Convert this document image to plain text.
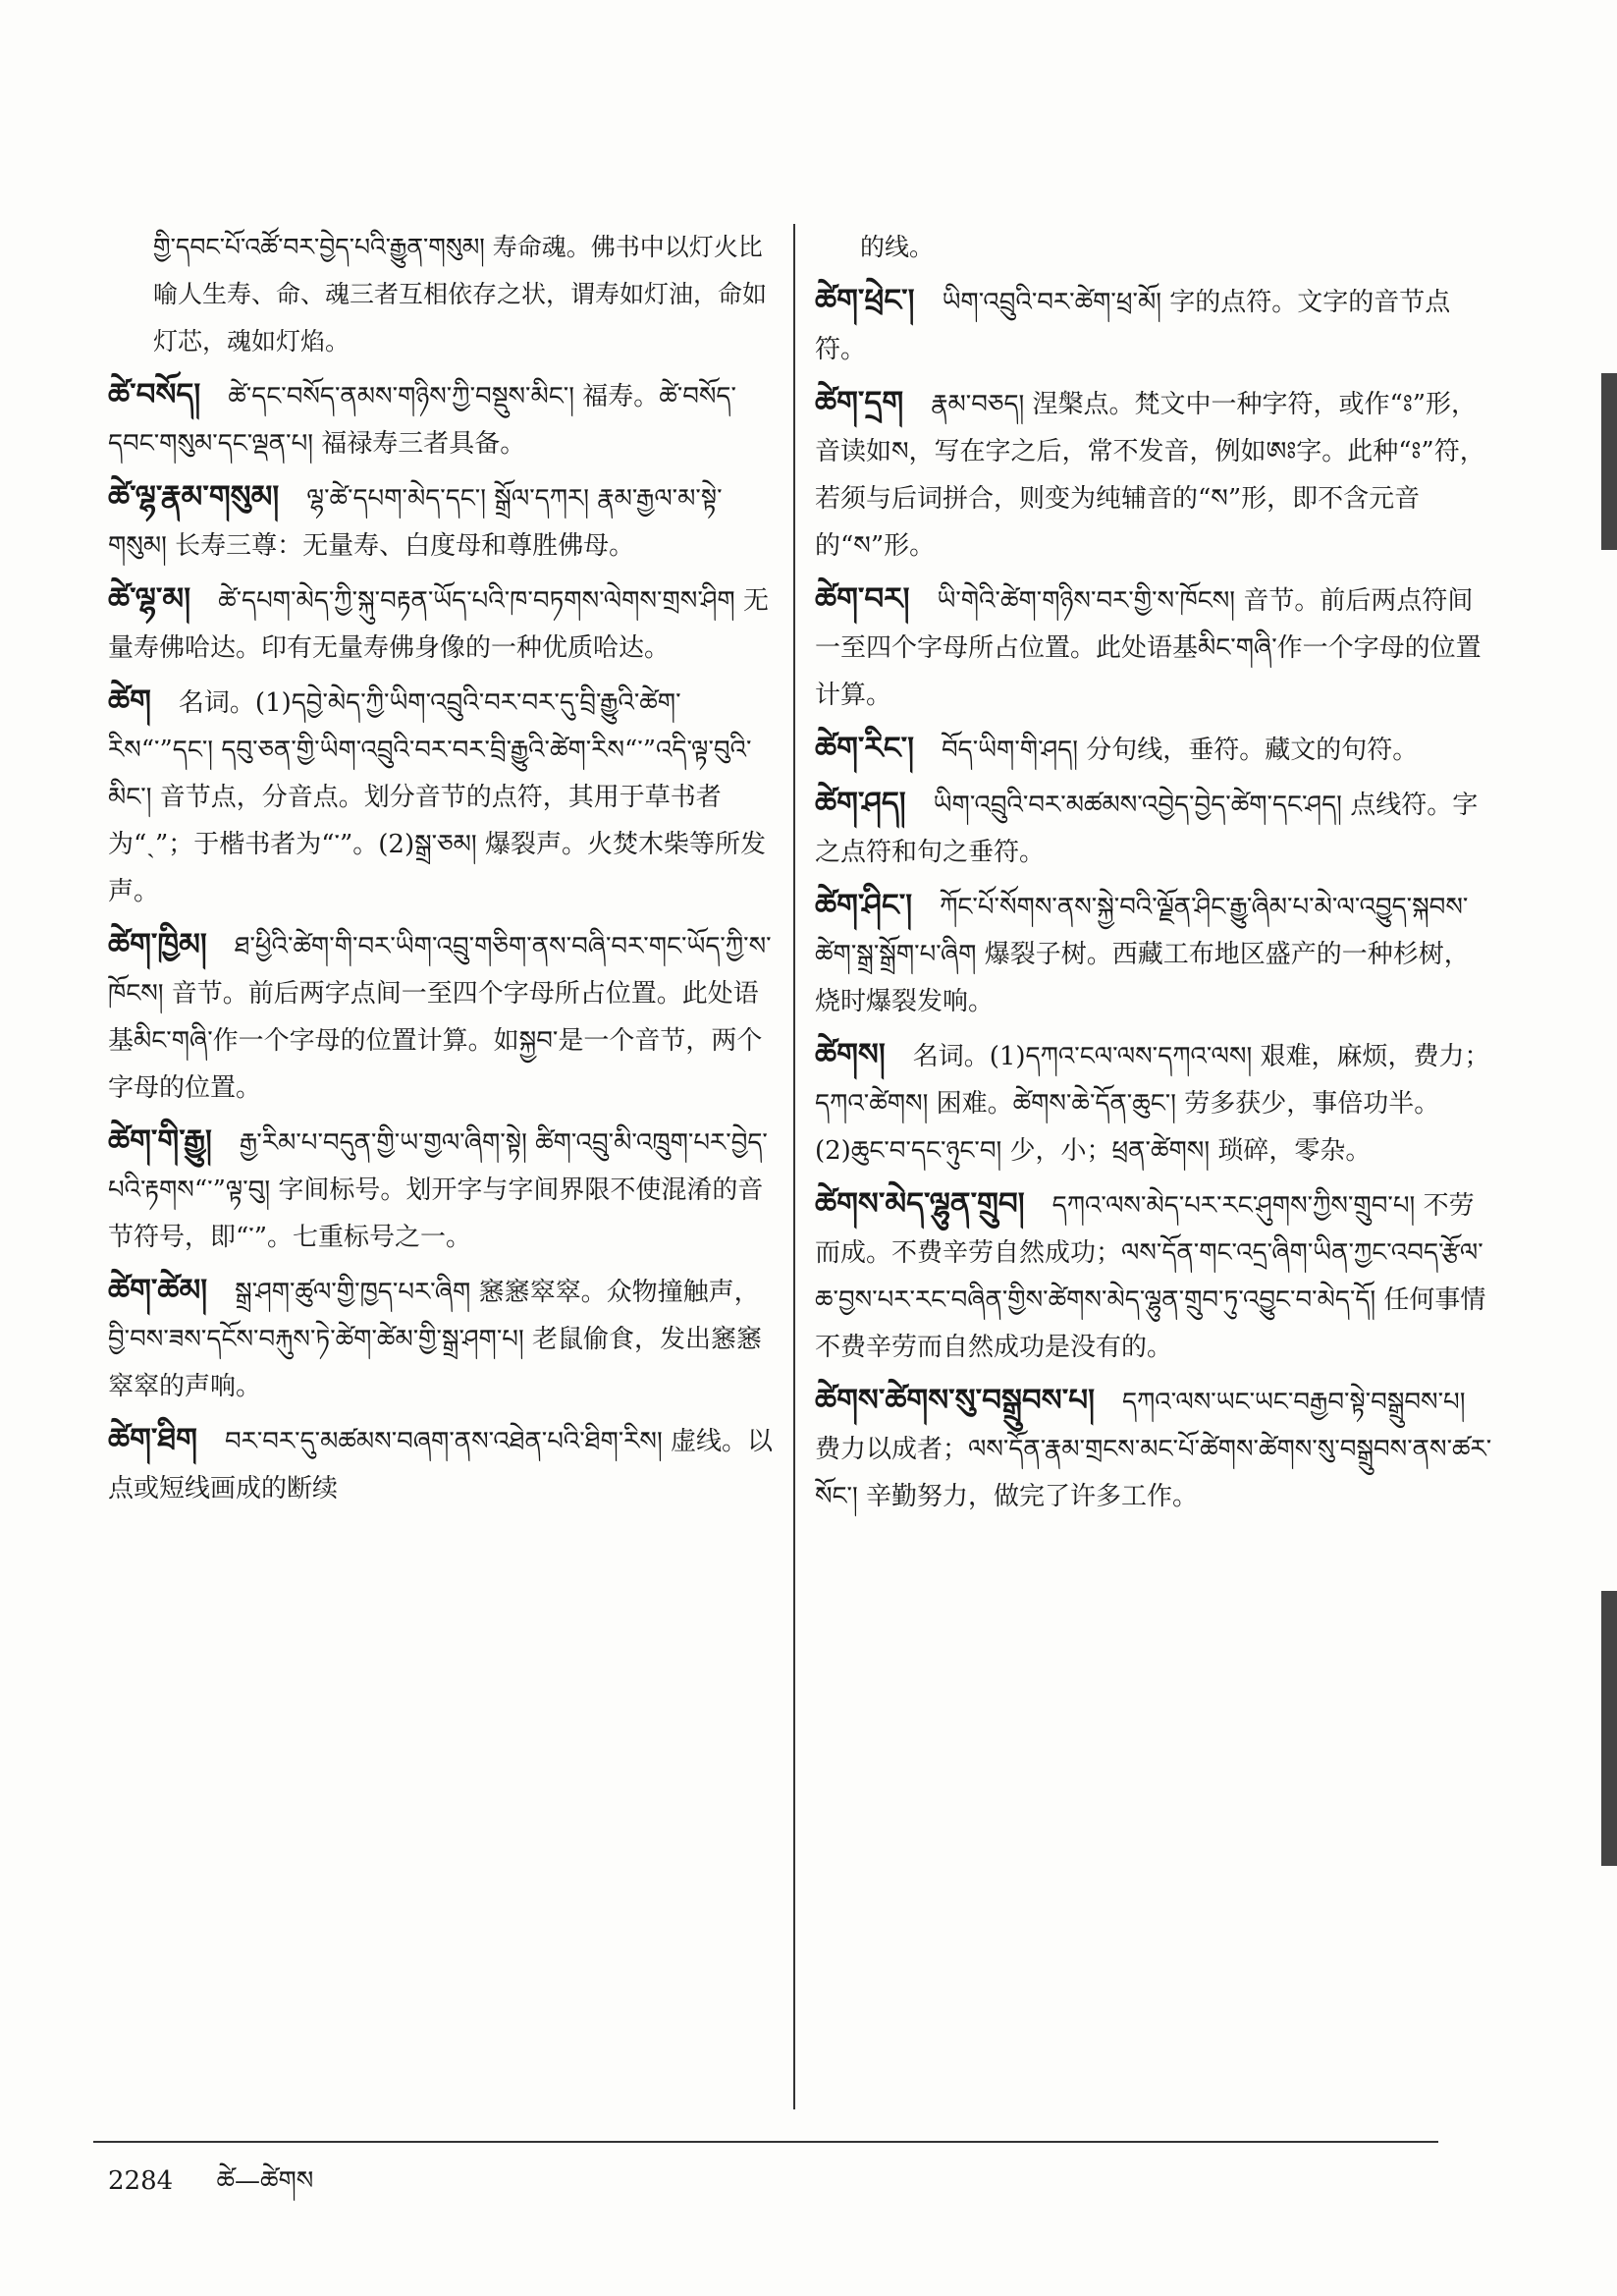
གྱི་དབང་པོ་འཚོ་བར་བྱེད་པའི་རྒྱུན་གསུམ། 寿命魂。佛书中以灯火比喻人生寿、命、魂三者互相依存之状，谓寿如灯油，命如灯芯，魂如灯焰。
ཚེ་བསོད། ཚེ་དང་བསོད་ནམས་གཉིས་ཀྱི་བསྡུས་མིང་། 福寿。ཚེ་བསོད་དབང་གསུམ་དང་ལྡན་པ། 福禄寿三者具备。
ཚེ་ལྷ་རྣམ་གསུམ། ལྷ་ཚེ་དཔག་མེད་དང་། སྒྲོལ་དཀར། རྣམ་རྒྱལ་མ་སྟེ་གསུམ། 长寿三尊：无量寿、白度母和尊胜佛母。
ཚེ་ལྷ་མ། ཚེ་དཔག་མེད་ཀྱི་སྐུ་བརྟན་ཡོད་པའི་ཁ་བཏགས་ལེགས་གྲས་ཤིག 无量寿佛哈达。印有无量寿佛身像的一种优质哈达。
ཚེག 名词。(1)དབྱེ་མེད་ཀྱི་ཡིག་འབྲུའི་བར་བར་དུ་བྲི་རྒྱུའི་ཚེག་རིས“་”དང་། དབུ་ཅན་གྱི་ཡིག་འབྲུའི་བར་བར་བྲི་རྒྱུའི་ཚེག་རིས“་”འདི་ལྟ་བུའི་མིང་། 音节点，分音点。划分音节的点符，其用于草书者为“ˎ”；于楷书者为“་”。(2)སྒྲ་ཅམ། 爆裂声。火焚木柴等所发声。
ཚེག་ཁྱིམ། ཐ་ཕྱིའི་ཚེག་གི་བར་ཡིག་འབྲུ་གཅིག་ནས་བཞི་བར་གང་ཡོད་ཀྱི་ས་ཁོངས། 音节。前后两字点间一至四个字母所占位置。此处语基མིང་གཞི་作一个字母的位置计算。如སྐྱབ་是一个音节，两个字母的位置。
ཚེག་གི་རྒྱུ། རྒྱ་རིམ་པ་བདུན་གྱི་ཡ་གྱལ་ཞིག་སྟེ། ཚིག་འབྲུ་མི་འཁྲུག་པར་བྱེད་པའི་རྟགས“་”ལྟ་བུ། 字间标号。划开字与字间界限不使混淆的音节符号，即“་”。七重标号之一。
ཚེག་ཚེམ། སྒྲ་ཤག་ཚུལ་གྱི་ཁྱད་པར་ཞིག 窸窸窣窣。众物撞触声，བྱི་བས་ཟས་དངོས་བརྐུས་ཏེ་ཚེག་ཚེམ་གྱི་སྒྲ་ཤག་པ། 老鼠偷食，发出窸窸窣窣的声响。
ཚེག་ཐིག བར་བར་དུ་མཚམས་བཞག་ནས་འཐེན་པའི་ཐིག་རིས། 虚线。以点或短线画成的断续
的线。
ཚེག་ཕྲེང་། ཡིག་འབྲུའི་བར་ཚེག་ཕྲ་མོ། 字的点符。文字的音节点符。
ཚེག་དྲག རྣམ་བཅད། 涅槃点。梵文中一种字符，或作“ཿ”形，音读如ས，写在字之后，常不发音，例如ཨཿ字。此种“ཿ”符，若须与后词拼合，则变为纯辅音的“ས”形，即不含元音的“ས”形。
ཚེག་བར། ཡི་གེའི་ཚེག་གཉིས་བར་གྱི་ས་ཁོངས། 音节。前后两点符间一至四个字母所占位置。此处语基མིང་གཞི་作一个字母的位置计算。
ཚེག་རིང་། བོད་ཡིག་གི་ཤད། 分句线，垂符。藏文的句符。
ཚེག་ཤད། ཡིག་འབྲུའི་བར་མཚམས་འབྱེད་བྱེད་ཚེག་དང་ཤད། 点线符。字之点符和句之垂符。
ཚེག་ཤིང་། ཀོང་པོ་སོགས་ནས་སྐྱེ་བའི་ལྗོན་ཤིང་རྒྱུ་ཞིམ་པ་མེ་ལ་འབྱུད་སྐབས་ཚེག་སྒྲ་སྒྲོག་པ་ཞིག 爆裂子树。西藏工布地区盛产的一种杉树，烧时爆裂发响。
ཚེགས། 名词。(1)དཀའ་ངལ་ལས་དཀའ་ལས། 艰难，麻烦，费力；དཀའ་ཚེགས། 困难。ཚེགས་ཆེ་དོན་ཆུང་། 劳多获少，事倍功半。(2)ཆུང་བ་དང་ཉུང་བ། 少，小；ཕྲན་ཚེགས། 琐碎，零杂。
ཚེགས་མེད་ལྷུན་གྲུབ། དཀའ་ལས་མེད་པར་རང་ཤུགས་ཀྱིས་གྲུབ་པ། 不劳而成。不费辛劳自然成功；ལས་དོན་གང་འདྲ་ཞིག་ཡིན་ཀྱང་འབད་རྩོལ་ཆ་བྱས་པར་རང་བཞིན་གྱིས་ཚེགས་མེད་ལྷུན་གྲུབ་ཏུ་འབྱུང་བ་མེད་དོ། 任何事情不费辛劳而自然成功是没有的。
ཚེགས་ཚེགས་སུ་བསྒྲུབས་པ། དཀའ་ལས་ཡང་ཡང་བརྒྱབ་སྟེ་བསྒྲུབས་པ། 费力以成者；ལས་དོན་རྣམ་གྲངས་མང་པོ་ཚེགས་ཚེགས་སུ་བསྒྲུབས་ནས་ཚར་སོང་། 辛勤努力，做完了许多工作。
2284 ཚེ—ཚེགས
